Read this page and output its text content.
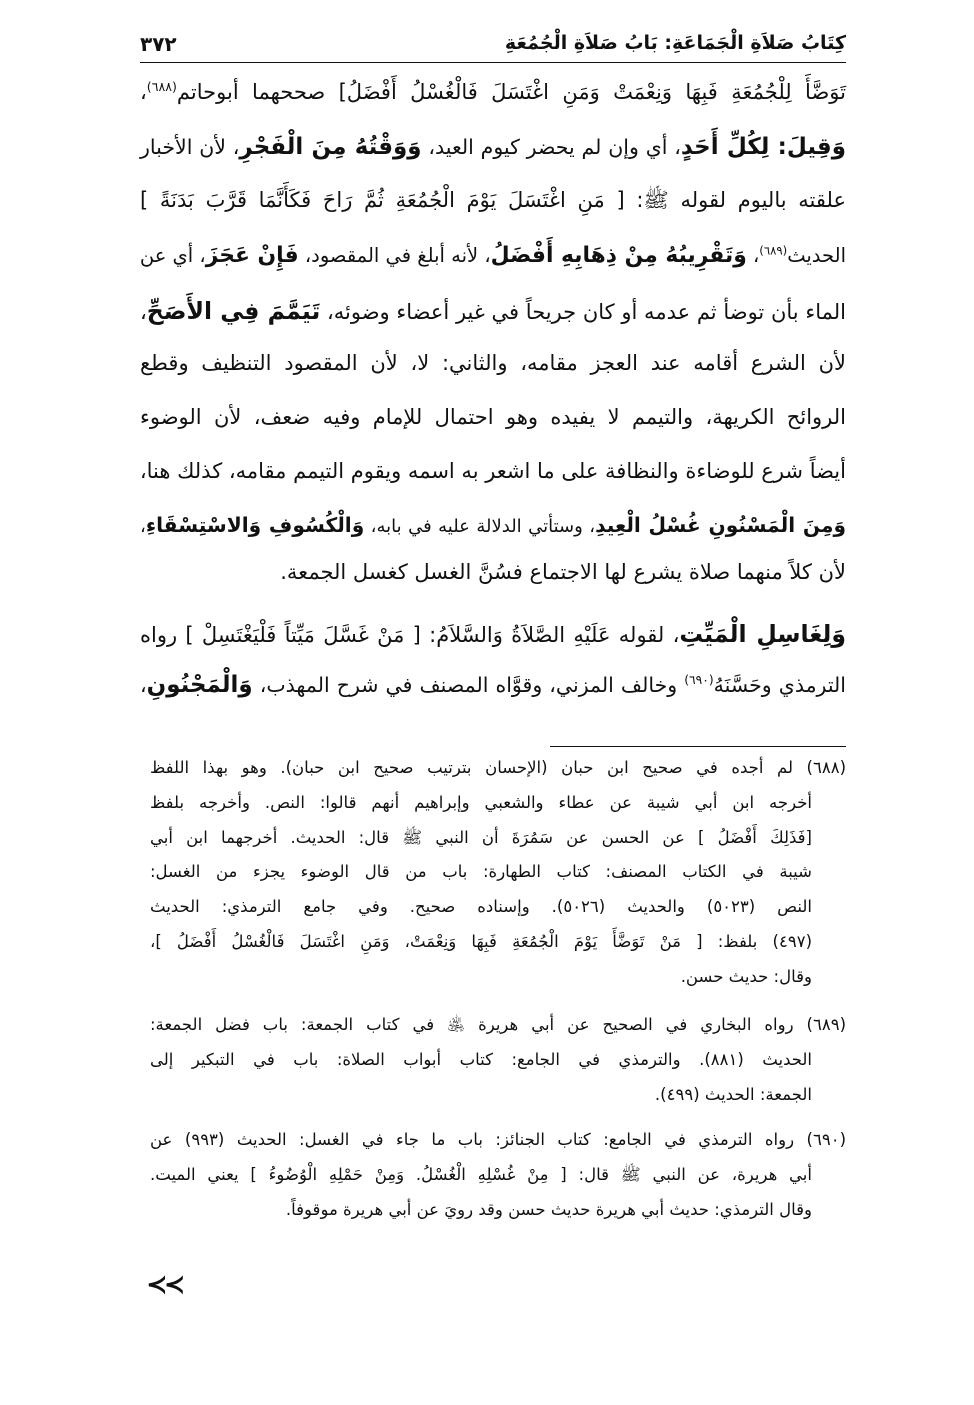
كِتَابُ صَلاَةِ الْجَمَاعَةِ: بَابُ صَلاَةِ الْجُمُعَةِ
٣٧٢
تَوَضَّأَ لِلْجُمُعَةِ فَبِهَا وَنِعْمَتْ وَمَنِ اغْتَسَلَ فَالْغُسْلُ أَفْضَلُ] صححهما أبوحاتم$^{(٦٨٨)}$،
وَقِيلَ: لِكُلِّ أَحَدٍ، أي وإن لم يحضر كيوم العيد، وَوَقْتُهُ مِنَ الْفَجْرِ، لأن الأخبار
علقته باليوم لقوله ﷺ: [ مَنِ اغْتَسَلَ يَوْمَ الْجُمُعَةِ ثُمَّ رَاحَ فَكَأَنَّمَا قَرَّبَ بَدَنَةً ]
الحديث$^{(٦٨٩)}$، وَتَقْرِيبُهُ مِنْ ذِهَابِهِ أَفْضَلُ، لأنه أبلغ في المقصود، فَإِنْ عَجَزَ، أي عن
الماء بأن توضأ ثم عدمه أو كان جريحاً في غير أعضاء وضوئه، تَيَمَّمَ فِي الأَصَحِّ،
لأن الشرع أقامه عند العجز مقامه، والثاني: لا، لأن المقصود التنظيف وقطع
الروائح الكريهة، والتيمم لا يفيده وهو احتمال للإمام وفيه ضعف، لأن الوضوء
أيضاً شرع للوضاءة والنظافة على ما اشعر به اسمه ويقوم التيمم مقامه، كذلك هنا،
وَمِنَ الْمَسْنُونِ غُسْلُ الْعِيدِ، وستأتي الدلالة عليه في بابه، وَالْكُسُوفِ وَالاسْتِسْقَاءِ،
لأن كلاً منهما صلاة يشرع لها الاجتماع فسُنَّ الغسل كغسل الجمعة.
وَلِغَاسِلِ الْمَيِّتِ، لقوله عَلَيْهِ الصَّلاَةُ وَالسَّلاَمُ: [ مَنْ غَسَّلَ مَيِّتاً فَلْيَغْتَسِلْ ] رواه
الترمذي وحَسَّنَهُ$^{(٦٩٠)}$ وخالف المزني، وقوَّاه المصنف في شرح المهذب، وَالْمَجْنُونِ،
(٦٨٨) لم أجده في صحيح ابن حبان (الإحسان بترتيب صحيح ابن حبان). وهو بهذا اللفظ
أخرجه ابن أبي شيبة عن عطاء والشعبي وإبراهيم أنهم قالوا: النص. وأخرجه بلفظ
[فَذَلِكَ أَفْضَلُ ] عن الحسن عن سَمُرَةَ أن النبي ﷺ قال: الحديث. أخرجهما ابن أبي
شيبة في الكتاب المصنف: كتاب الطهارة: باب من قال الوضوء يجزء من الغسل:
النص (٥٠٢٣) والحديث (٥٠٢٦). وإسناده صحيح. وفي جامع الترمذي: الحديث
(٤٩٧) بلفظ: [ مَنْ تَوَضَّأَ يَوْمَ الْجُمُعَةِ فَبِهَا وَنِعْمَتْ، وَمَنِ اغْتَسَلَ فَالْغُسْلُ أَفْضَلُ ]،
وقال: حديث حسن.
(٦٨٩) رواه البخاري في الصحيح عن أبي هريرة ﵁ في كتاب الجمعة: باب فضل الجمعة:
الحديث (٨٨١). والترمذي في الجامع: كتاب أبواب الصلاة: باب في التبكير إلى
الجمعة: الحديث (٤٩٩).
(٦٩٠) رواه الترمذي في الجامع: كتاب الجنائز: باب ما جاء في الغسل: الحديث (٩٩٣) عن
أبي هريرة، عن النبي ﷺ قال: [ مِنْ غُسْلِهِ الْغُسْلُ. وَمِنْ حَمْلِهِ الْوُضُوءُ ] يعني الميت.
وقال الترمذي: حديث أبي هريرة حديث حسن وقد رويَ عن أبي هريرة موقوفاً.
≺≺
